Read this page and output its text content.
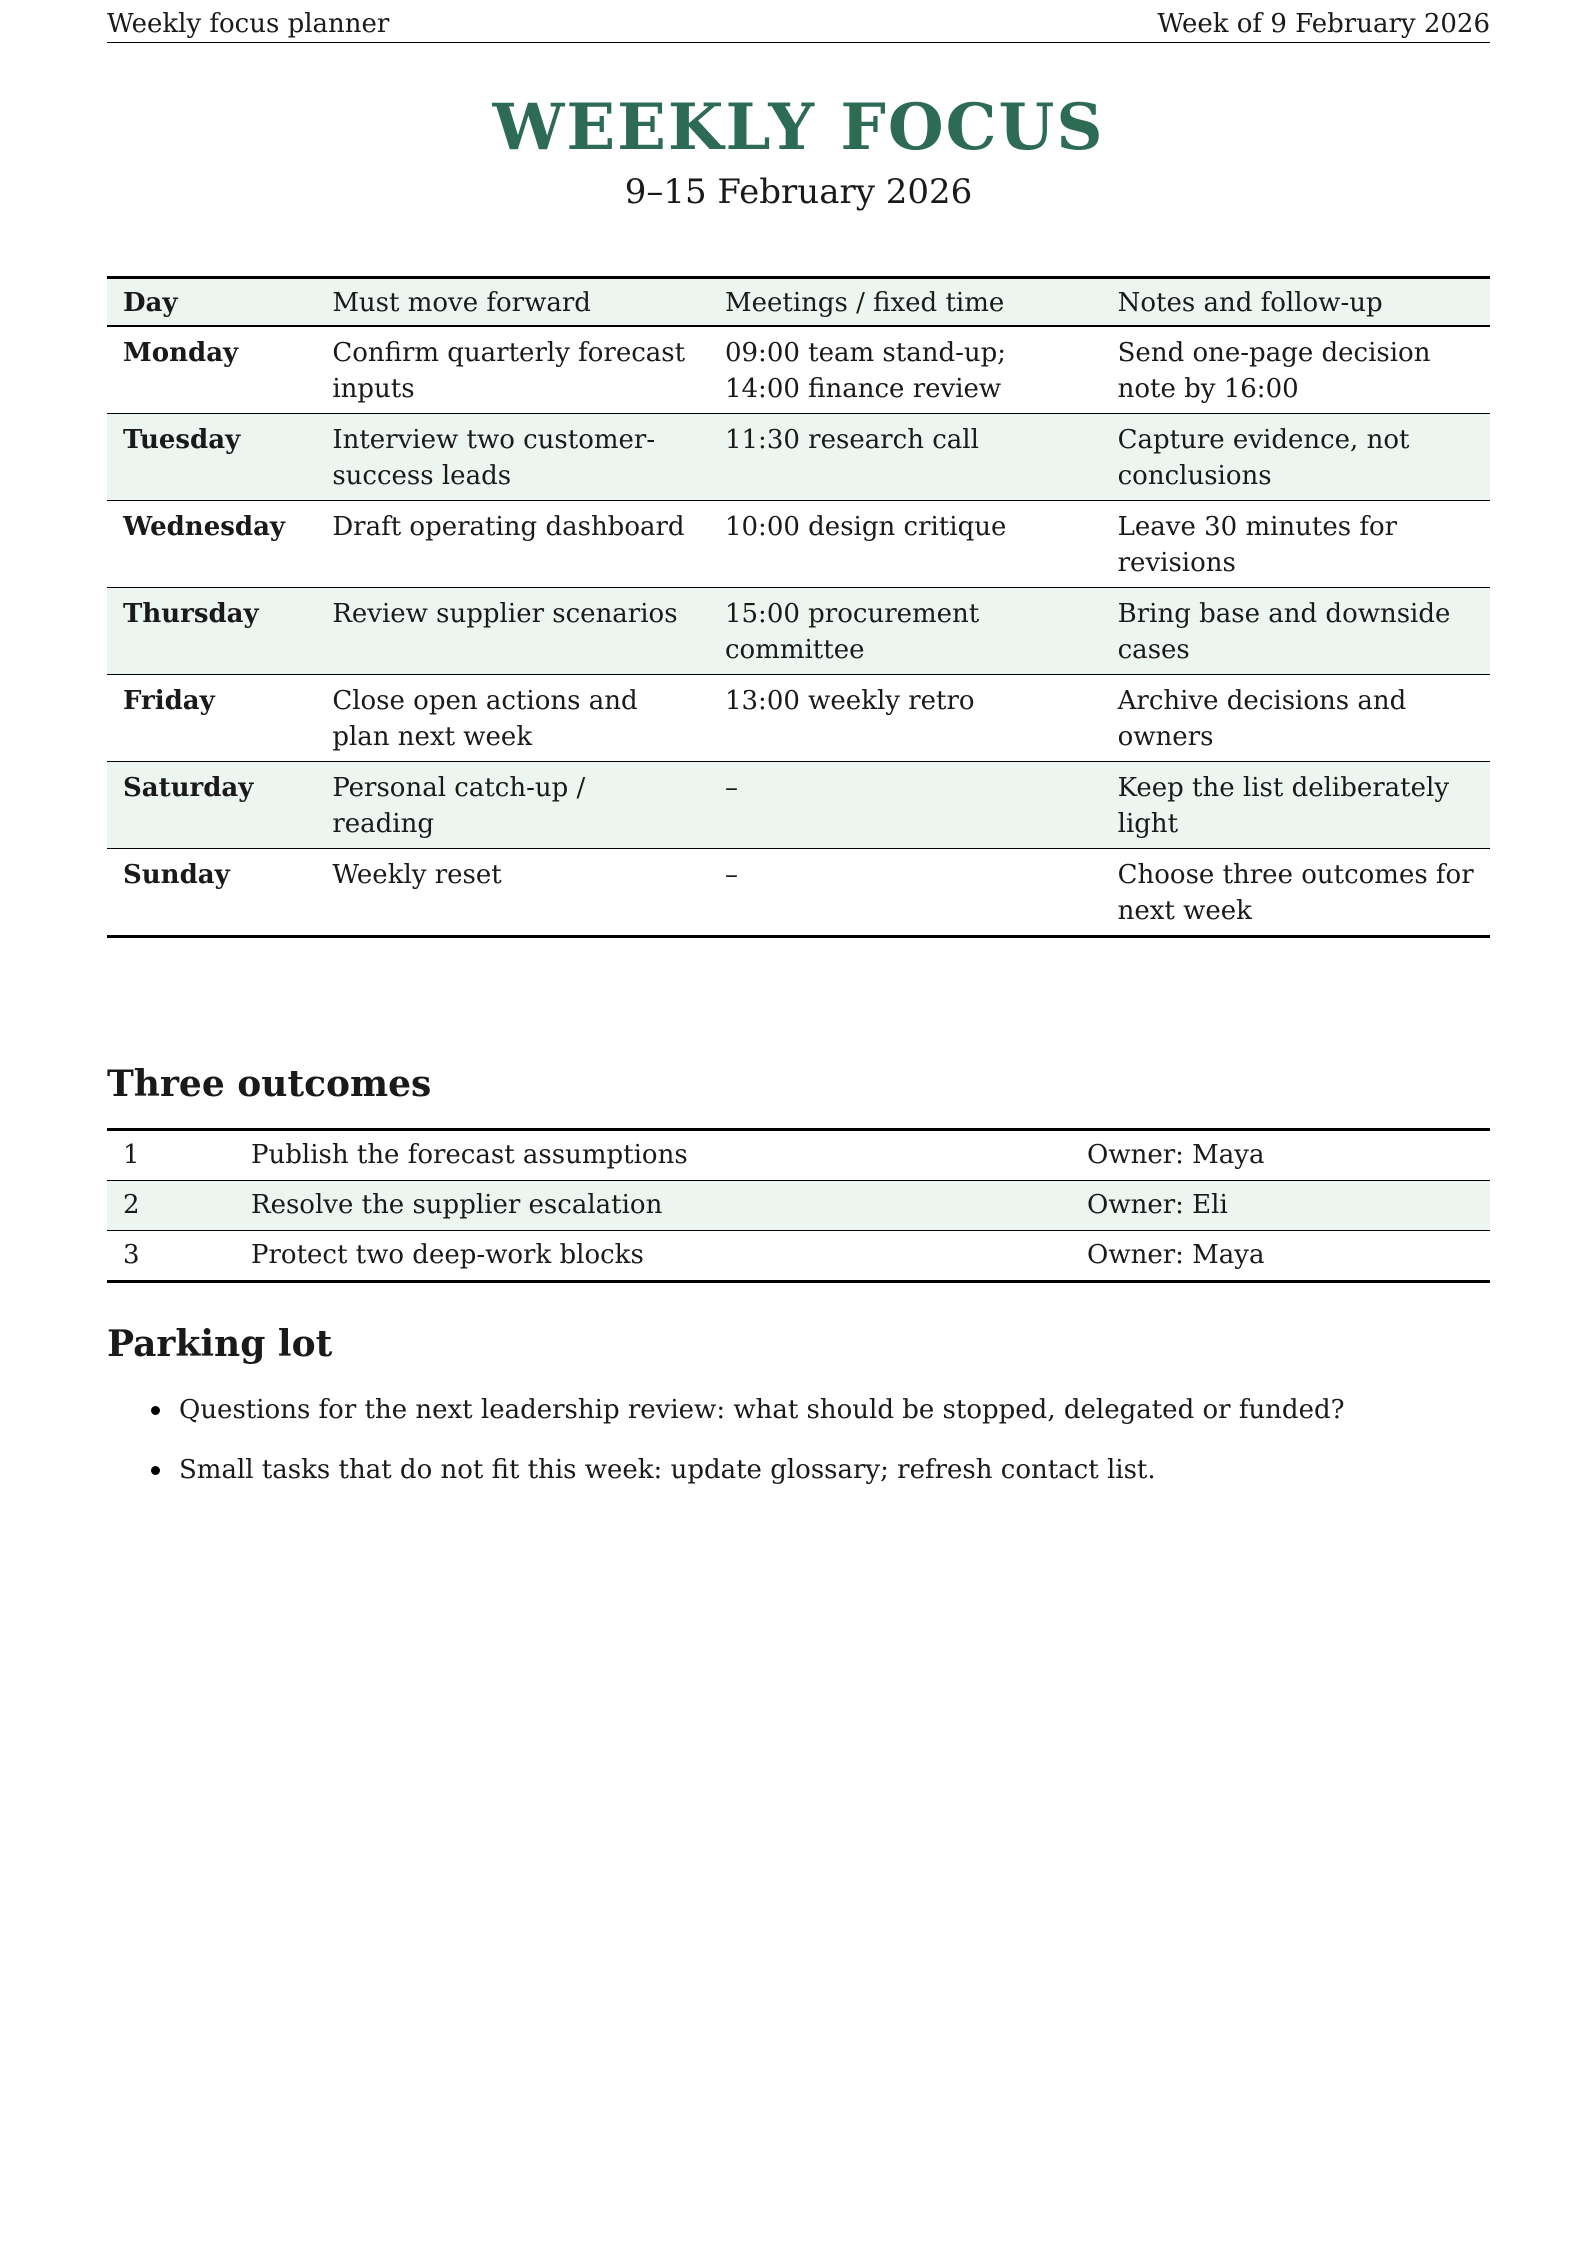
Weekly focus planner	Week of 9 February 2026
WEEKLY FOCUS
9–15 February 2026
Day	Must move forward	Meetings / fixed time	Notes and follow-up
Monday	Confirm quarterly forecast inputs	09:00 team stand-up; 14:00 finance review	Send one-page decision note by 16:00
Tuesday	Interview two customer-success leads	11:30 research call	Capture evidence, not conclusions
Wednesday	Draft operating dashboard	10:00 design critique	Leave 30 minutes for revisions
Thursday	Review supplier scenarios	15:00 procurement committee	Bring base and downside cases
Friday	Close open actions and plan next week	13:00 weekly retro	Archive decisions and owners
Saturday	Personal catch-up / reading	–	Keep the list deliberately light
Sunday	Weekly reset	–	Choose three outcomes for next week
Three outcomes
1	Publish the forecast assumptions	Owner: Maya
2	Resolve the supplier escalation	Owner: Eli
3	Protect two deep-work blocks	Owner: Maya
Parking lot
Questions for the next leadership review: what should be stopped, delegated or funded?
Small tasks that do not fit this week: update glossary; refresh contact list.
